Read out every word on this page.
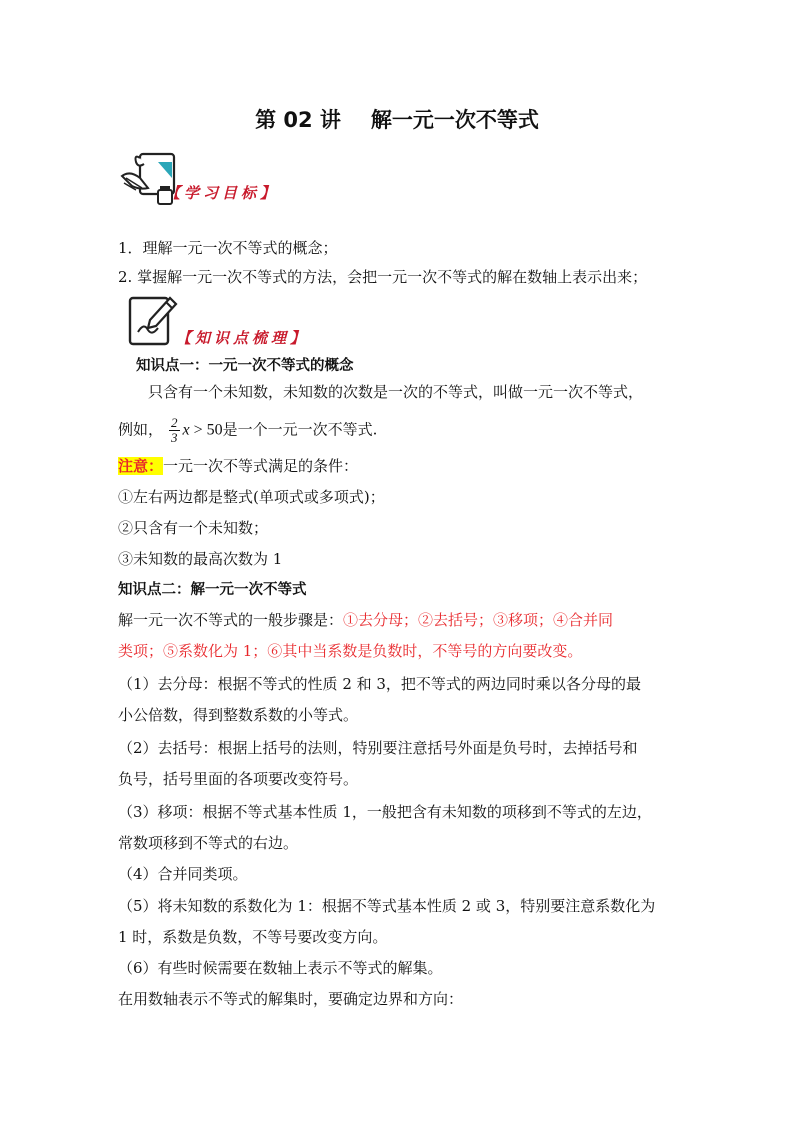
第 02 讲 解一元一次不等式
【学习目标】
1．理解一元一次不等式的概念；
2. 掌握解一元一次不等式的方法，会把一元一次不等式的解在数轴上表示出来；
【知识点梳理】
知识点一：一元一次不等式的概念
只含有一个未知数，未知数的次数是一次的不等式，叫做一元一次不等式，
例如， $\frac{2}{3}$ x > 50是一个一元一次不等式.
注意：一元一次不等式满足的条件：
①左右两边都是整式(单项式或多项式)；
②只含有一个未知数；
③未知数的最高次数为 1
知识点二：解一元一次不等式
解一元一次不等式的一般步骤是：①去分母；②去括号；③移项；④合并同
类项；⑤系数化为 1；⑥其中当系数是负数时，不等号的方向要改变。
（1）去分母：根据不等式的性质 2 和 3，把不等式的两边同时乘以各分母的最
小公倍数，得到整数系数的小等式。
（2）去括号：根据上括号的法则，特别要注意括号外面是负号时，去掉括号和
负号，括号里面的各项要改变符号。
（3）移项：根据不等式基本性质 1，一般把含有未知数的项移到不等式的左边，
常数项移到不等式的右边。
（4）合并同类项。
（5）将未知数的系数化为 1：根据不等式基本性质 2 或 3，特别要注意系数化为
1 时，系数是负数，不等号要改变方向。
（6）有些时候需要在数轴上表示不等式的解集。
在用数轴表示不等式的解集时，要确定边界和方向：
